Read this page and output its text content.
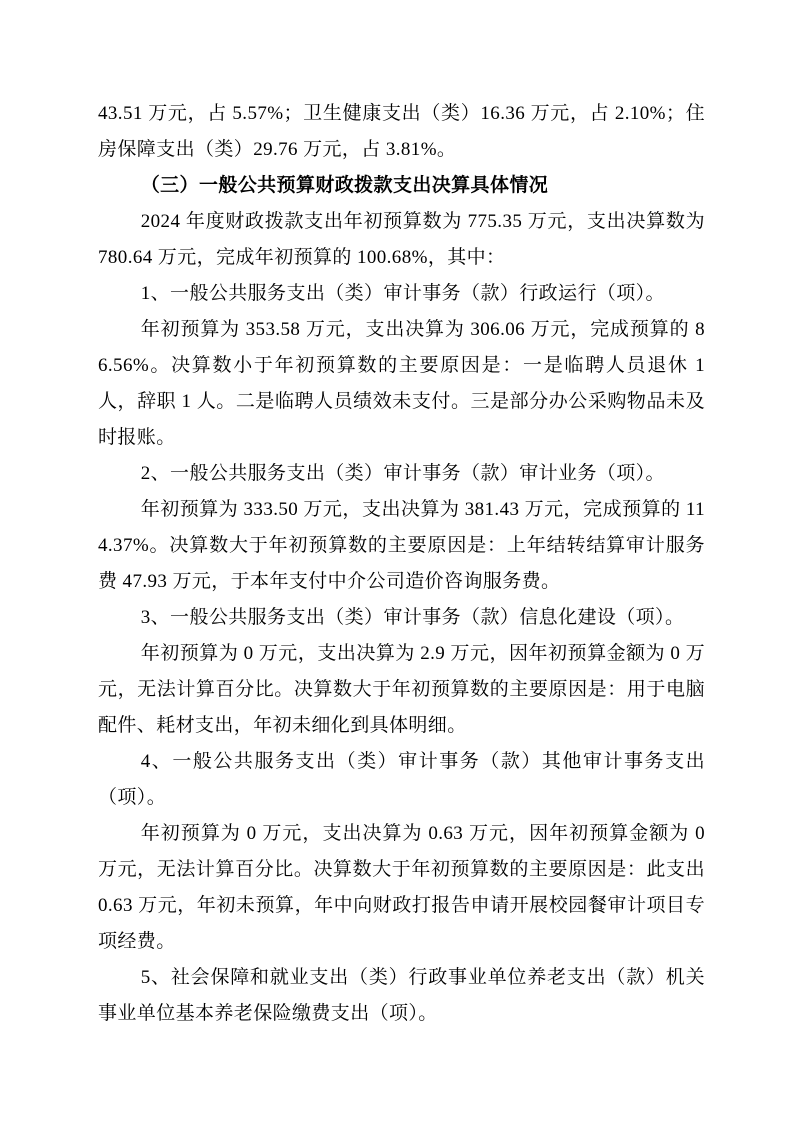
43.51 万元，占 5.57%；卫生健康支出（类）16.36 万元，占 2.10%；住房保障支出（类）29.76 万元，占 3.81%。

（三）一般公共预算财政拨款支出决算具体情况

2024 年度财政拨款支出年初预算数为 775.35 万元，支出决算数为 780.64 万元，完成年初预算的 100.68%，其中：

1、一般公共服务支出（类）审计事务（款）行政运行（项）。

年初预算为 353.58 万元，支出决算为 306.06 万元，完成预算的 86.56%。决算数小于年初预算数的主要原因是：一是临聘人员退休 1 人，辞职 1 人。二是临聘人员绩效未支付。三是部分办公采购物品未及时报账。

2、一般公共服务支出（类）审计事务（款）审计业务（项）。

年初预算为 333.50 万元，支出决算为 381.43 万元，完成预算的 114.37%。决算数大于年初预算数的主要原因是：上年结转结算审计服务费 47.93 万元，于本年支付中介公司造价咨询服务费。

3、一般公共服务支出（类）审计事务（款）信息化建设（项）。

年初预算为 0 万元，支出决算为 2.9 万元，因年初预算金额为 0 万元，无法计算百分比。决算数大于年初预算数的主要原因是：用于电脑配件、耗材支出，年初未细化到具体明细。

4、一般公共服务支出（类）审计事务（款）其他审计事务支出（项）。

年初预算为 0 万元，支出决算为 0.63 万元，因年初预算金额为 0 万元，无法计算百分比。决算数大于年初预算数的主要原因是：此支出 0.63 万元，年初未预算，年中向财政打报告申请开展校园餐审计项目专项经费。

5、社会保障和就业支出（类）行政事业单位养老支出（款）机关事业单位基本养老保险缴费支出（项）。
